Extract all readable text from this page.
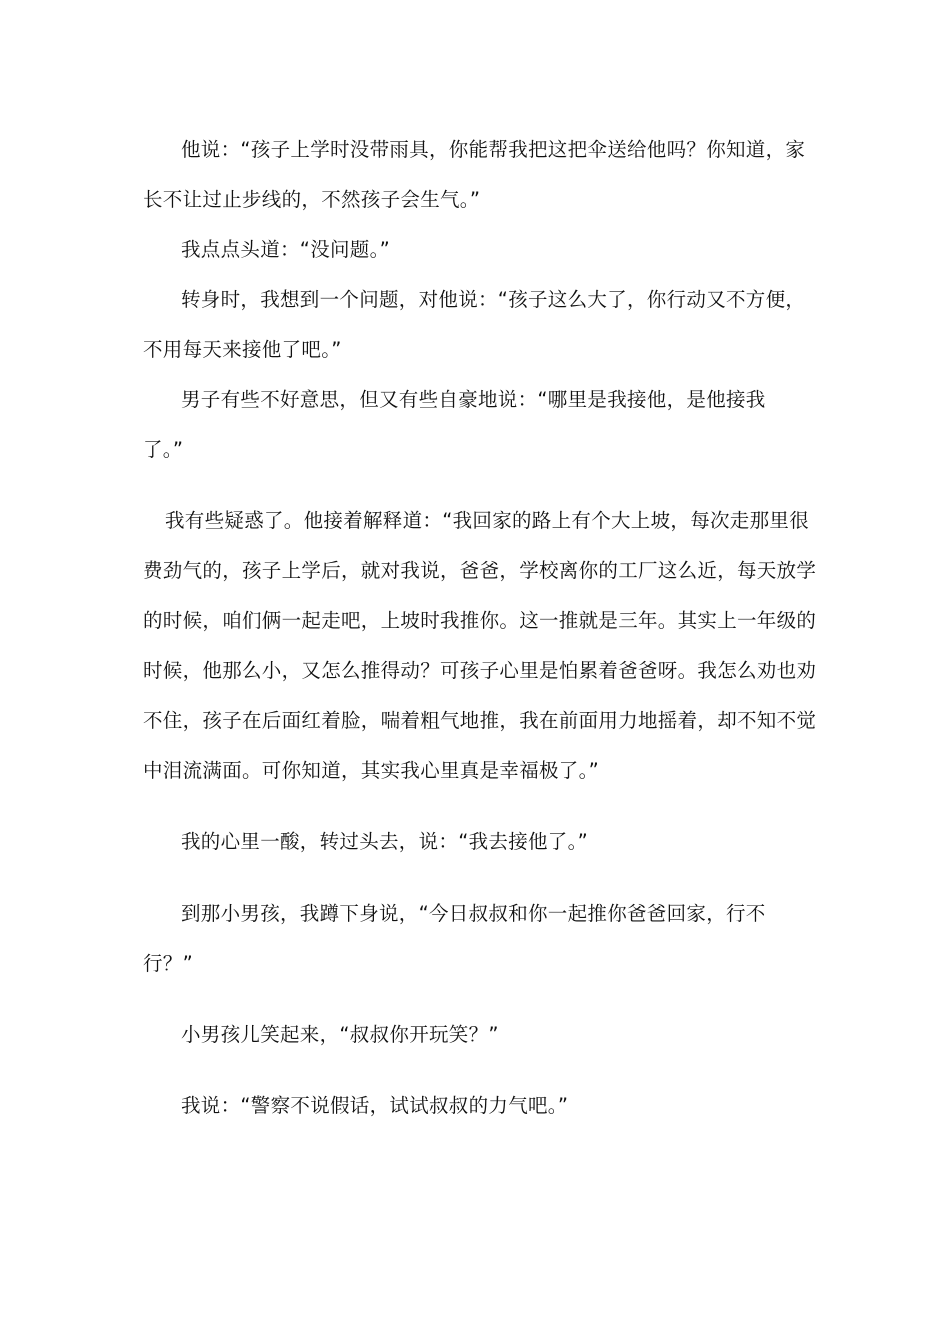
他说：“孩子上学时没带雨具，你能帮我把这把伞送给他吗？你知道，家
长不让过止步线的，不然孩子会生气。”
我点点头道：“没问题。”
转身时，我想到一个问题，对他说：“孩子这么大了，你行动又不方便，
不用每天来接他了吧。”
男子有些不好意思，但又有些自豪地说：“哪里是我接他，是他接我
了。”
我有些疑惑了。他接着解释道：“我回家的路上有个大上坡，每次走那里很
费劲气的，孩子上学后，就对我说，爸爸，学校离你的工厂这么近，每天放学
的时候，咱们俩一起走吧，上坡时我推你。这一推就是三年。其实上一年级的
时候，他那么小，又怎么推得动？可孩子心里是怕累着爸爸呀。我怎么劝也劝
不住，孩子在后面红着脸，喘着粗气地推，我在前面用力地摇着，却不知不觉
中泪流满面。可你知道，其实我心里真是幸福极了。”
我的心里一酸，转过头去，说：“我去接他了。”
到那小男孩，我蹲下身说，“今日叔叔和你一起推你爸爸回家，行不
行？”
小男孩儿笑起来，“叔叔你开玩笑？”
我说：“警察不说假话，试试叔叔的力气吧。”
